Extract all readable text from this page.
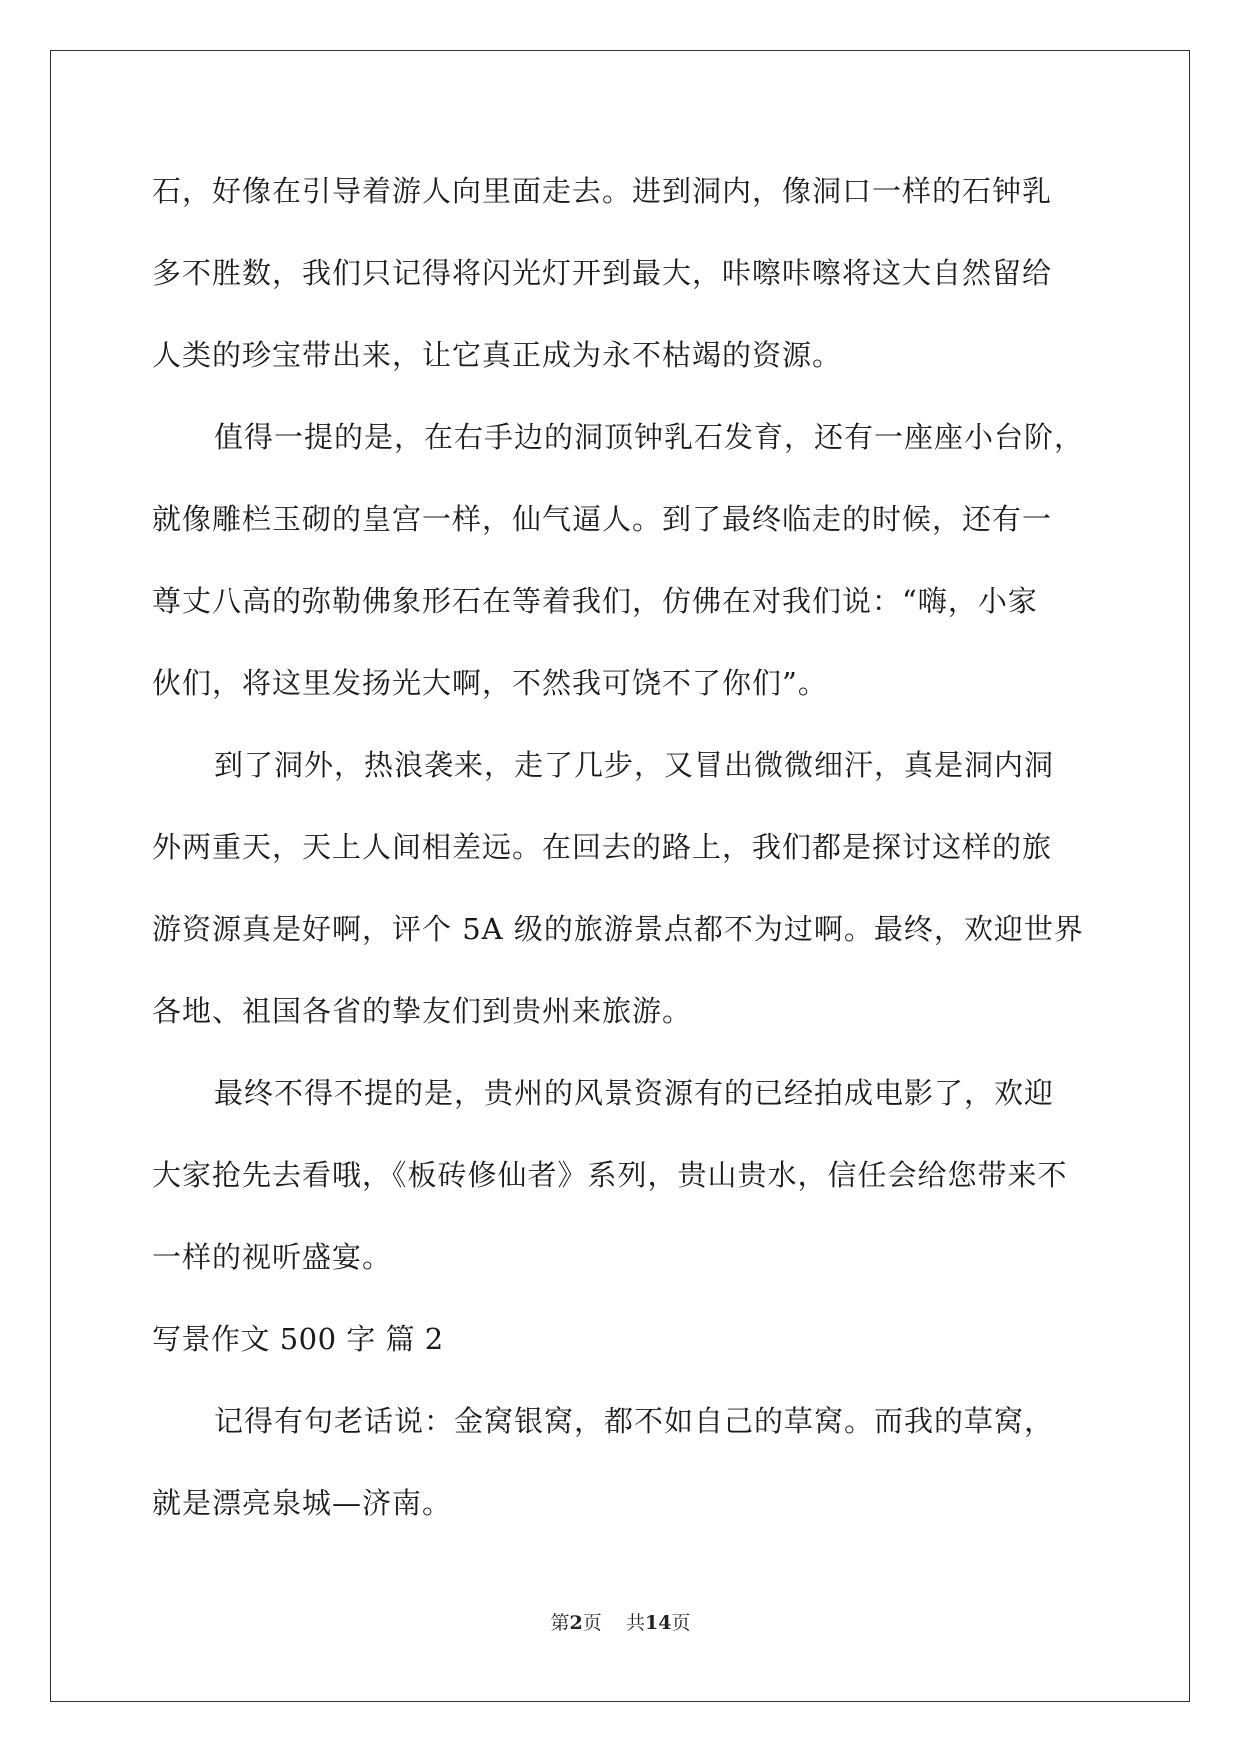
石，好像在引导着游人向里面走去。进到洞内，像洞口一样的石钟乳
多不胜数，我们只记得将闪光灯开到最大，咔嚓咔嚓将这大自然留给
人类的珍宝带出来，让它真正成为永不枯竭的资源。
值得一提的是，在右手边的洞顶钟乳石发育，还有一座座小台阶，
就像雕栏玉砌的皇宫一样，仙气逼人。到了最终临走的时候，还有一
尊丈八高的弥勒佛象形石在等着我们，仿佛在对我们说：“嗨，小家
伙们，将这里发扬光大啊，不然我可饶不了你们”。
到了洞外，热浪袭来，走了几步，又冒出微微细汗，真是洞内洞
外两重天，天上人间相差远。在回去的路上，我们都是探讨这样的旅
游资源真是好啊，评个 5A 级的旅游景点都不为过啊。最终，欢迎世界
各地、祖国各省的挚友们到贵州来旅游。
最终不得不提的是，贵州的风景资源有的已经拍成电影了，欢迎
大家抢先去看哦，《板砖修仙者》系列，贵山贵水，信任会给您带来不
一样的视听盛宴。
写景作文 500 字 篇 2
记得有句老话说：金窝银窝，都不如自己的草窝。而我的草窝，
就是漂亮泉城—济南。
第2页 共14页
